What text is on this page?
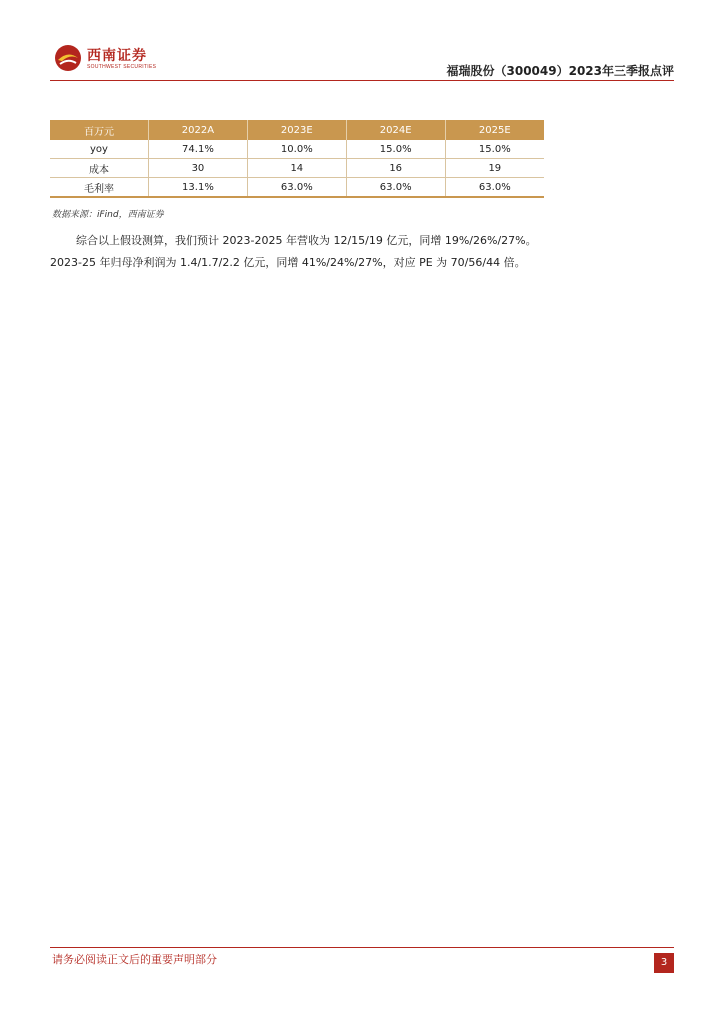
西南证券
SOUTHWEST SECURITIES	福瑞股份（300049）2023年三季报点评
百万元	2022A	2023E	2024E	2025E
yoy	74.1%	10.0%	15.0%	15.0%
成本	30	14	16	19
毛利率	13.1%	63.0%	63.0%	63.0%
数据来源：iFind，西南证券
综合以上假设测算，我们预计 2023-2025 年营收为 12/15/19 亿元，同增 19%/26%/27%。
2023-25 年归母净利润为 1.4/1.7/2.2 亿元，同增 41%/24%/27%，对应 PE 为 70/56/44 倍。
请务必阅读正文后的重要声明部分	3
